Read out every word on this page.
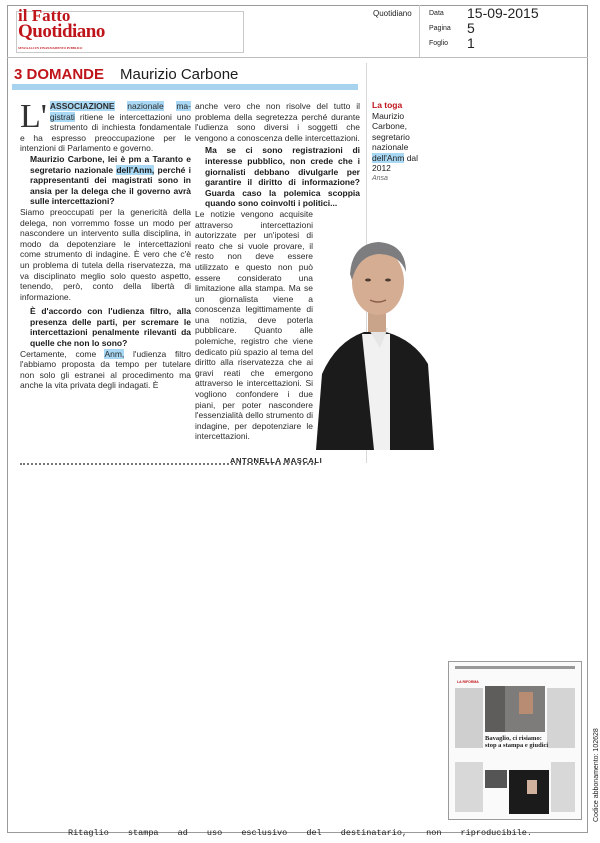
il Fatto
Quotidiano
SENZA ALCUN FINANZIAMENTO PUBBLICO
Quotidiano Data 15-09-2015
Pagina 5
Foglio 1
3 DOMANDE Maurizio Carbone

L' ASSOCIAZIONE nazionale ma-gistrati ritiene le intercettazioni uno strumento di inchiesta fondamentale e ha espresso preoccupazione per le intenzioni di Parlamento e governo.

Maurizio Carbone, lei è pm a Taranto e segretario nazionale dell'Anm, perché i rappresentanti dei magistrati sono in ansia per la delega che il governo avrà sulle intercettazioni?

Siamo preoccupati per la genericità della delega, non vorremmo fosse un modo per nascondere un intervento sulla disciplina, in modo da depotenziare le intercettazioni come strumento di indagine. È vero che c'è un problema di tutela della riservatezza, ma va disciplinato meglio solo questo aspetto, tenendo, però, conto della libertà di informazione.

È d'accordo con l'udienza filtro, alla presenza delle parti, per scremare le intercettazioni penalmente rilevanti da quelle che non lo sono?

Certamente, come Anm, l'udienza filtro l'abbiamo proposta da tempo per tutelare non solo gli estranei al procedimento ma anche la vita privata degli indagati. È

anche vero che non risolve del tutto il problema della segretezza perché durante l'udienza sono diversi i soggetti che vengono a conoscenza delle intercettazioni.

Ma se ci sono registrazioni di interesse pubblico, non crede che i giornalisti debbano divulgarle per garantire il diritto di informazione? Guarda caso la polemica scoppia quando sono coinvolti i politici...

Le notizie vengono acquisite attraverso intercettazioni autorizzate per un'ipotesi di reato che si vuole provare, il resto non deve essere utilizzato e questo non può essere considerato una limitazione alla stampa. Ma se un giornalista viene a conoscenza legittimamente di una notizia, deve poterla pubblicare. Quanto alle polemiche, registro che viene dedicato più spazio al tema del diritto alla riservatezza che ai gravi reati che emergono attraverso le intercettazioni. Si vogliono confondere i due piani, per poter nascondere l'essenzialità dello strumento di indagine, per depotenziare le intercettazioni.

ANTONELLA MASCALI
La toga
Maurizio Carbone, segretario nazionale dell'Anm dal 2012
Ansa
LA RIFORMA
Bavaglio, ci risiamo: stop a stampa e giudici	Codice abbonamento: 102628
Ritaglio stampa ad uso esclusivo del destinatario, non riproducibile.
